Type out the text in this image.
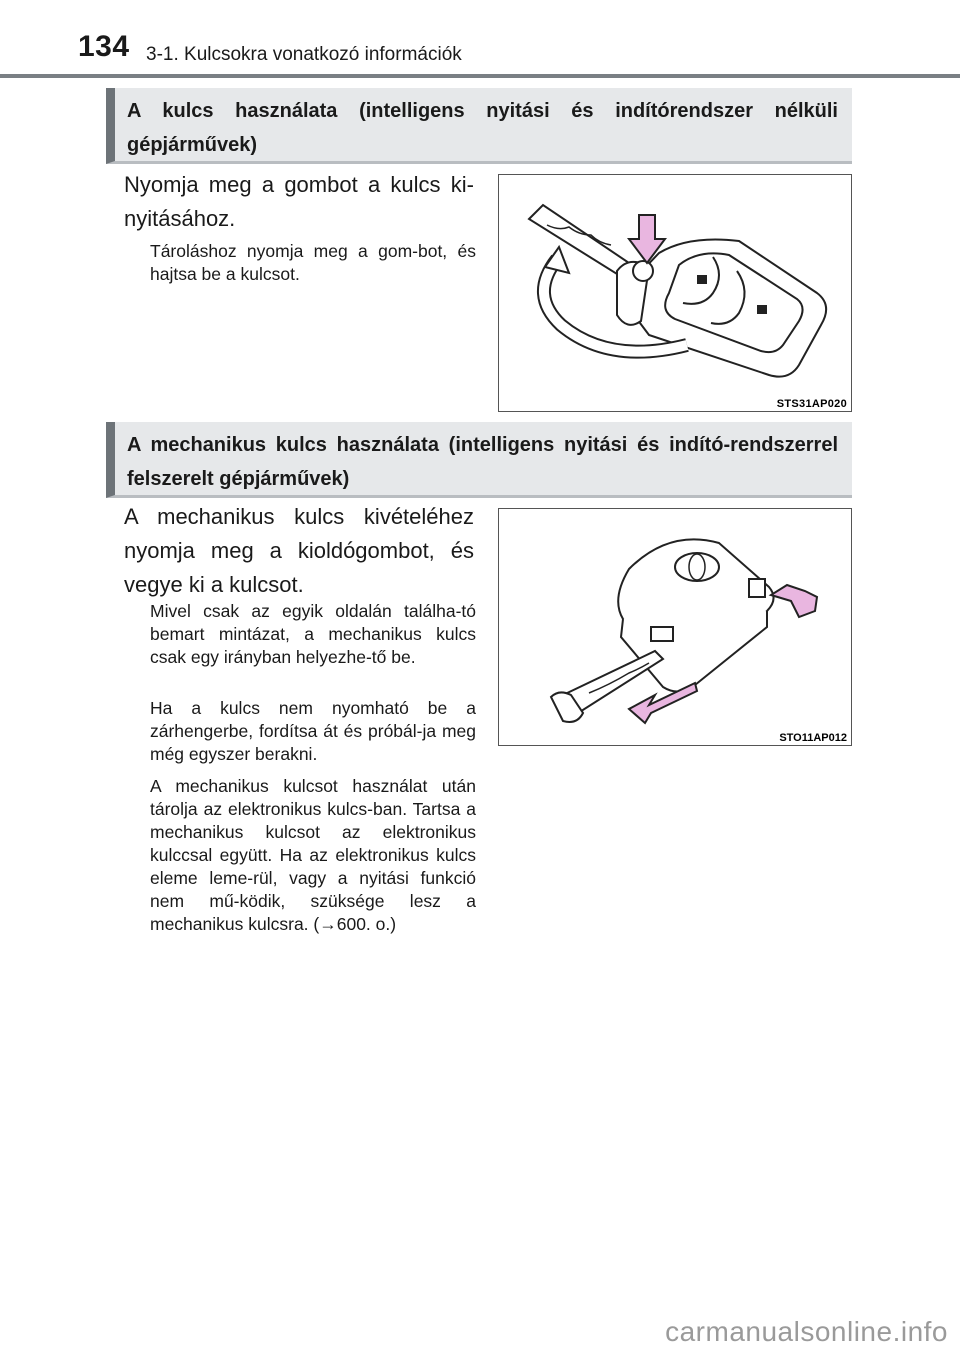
134 3-1. Kulcsokra vonatkozó információk
A kulcs használata (intelligens nyitási és indítórendszer nélküli gépjárművek)
Nyomja meg a gombot a kulcs ki-nyitásához.
Tároláshoz nyomja meg a gom-bot, és hajtsa be a kulcsot.
STS31AP020
A mechanikus kulcs használata (intelligens nyitási és indító-rendszerrel felszerelt gépjárművek)
A mechanikus kulcs kivételéhez nyomja meg a kioldógombot, és vegye ki a kulcsot.
Mivel csak az egyik oldalán találha-tó bemart mintázat, a mechanikus kulcs csak egy irányban helyezhe-tő be.
Ha a kulcs nem nyomható be a zárhengerbe, fordítsa át és próbál-ja meg még egyszer berakni.
A mechanikus kulcsot használat után tárolja az elektronikus kulcs-ban. Tartsa a mechanikus kulcsot az elektronikus kulccsal együtt. Ha az elektronikus kulcs eleme leme-rül, vagy a nyitási funkció nem mű-ködik, szüksége lesz a mechanikus kulcsra. (→600. o.)
STO11AP012
carmanualsonline.info
